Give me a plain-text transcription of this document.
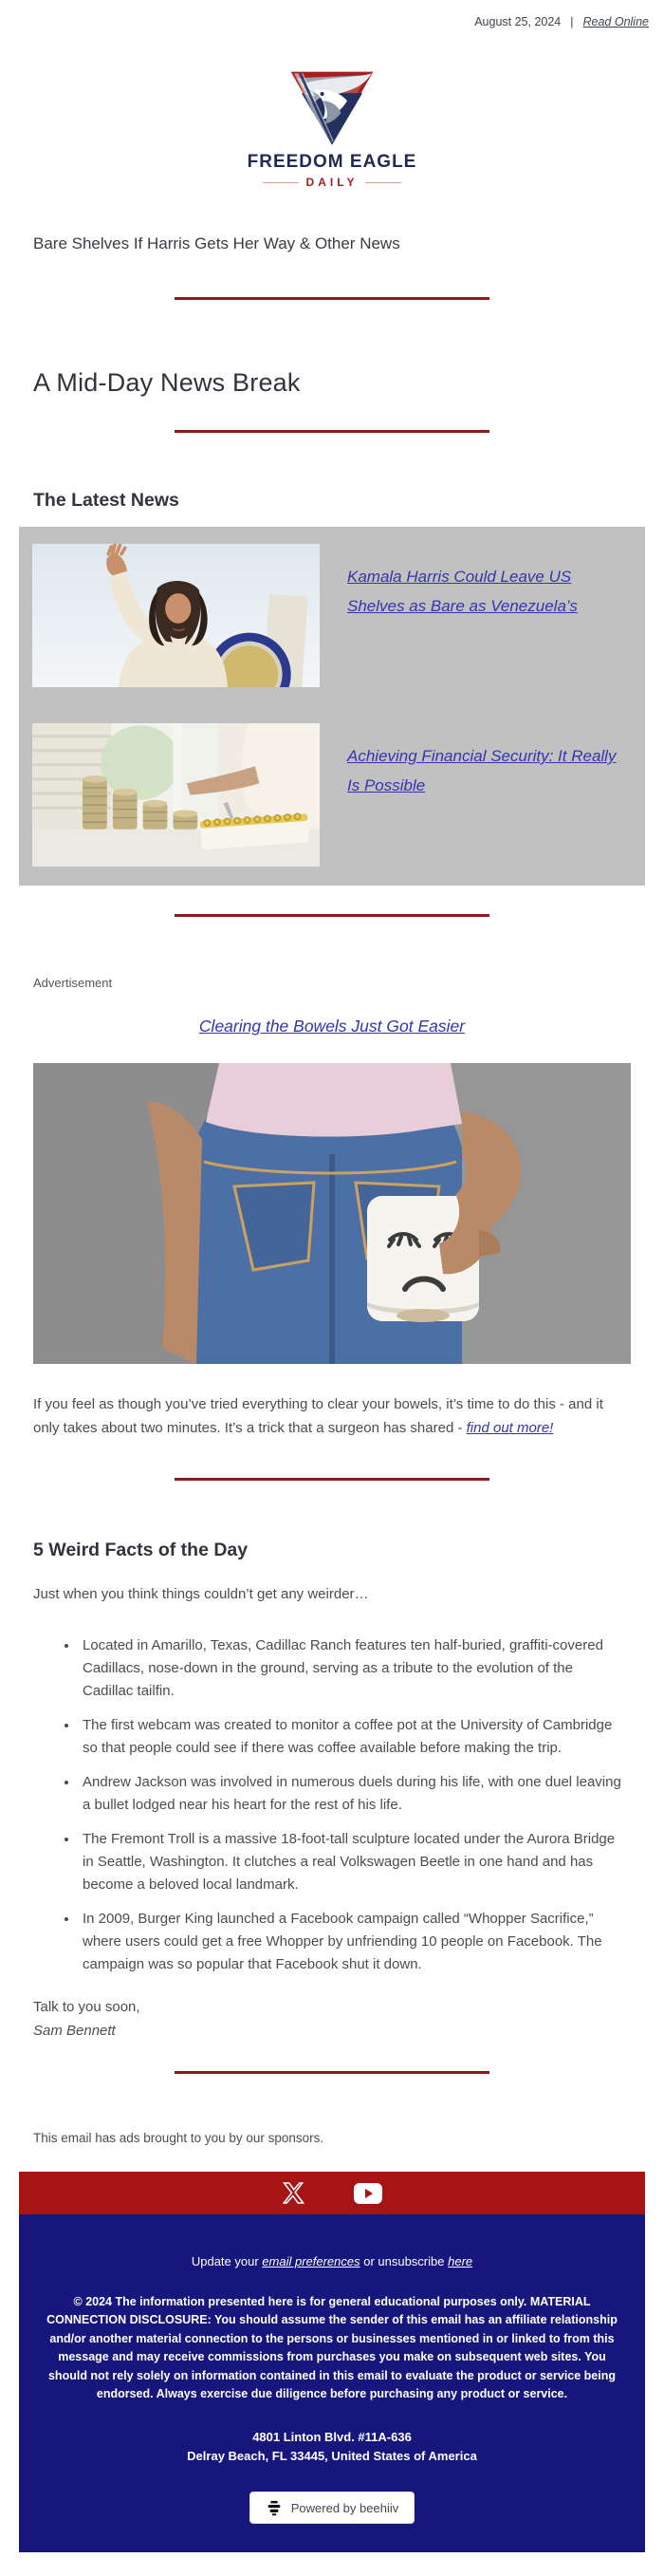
August 25, 2024 | Read Online
FREEDOM EAGLE
DAILY
Bare Shelves If Harris Gets Her Way & Other News
A Mid-Day News Break
The Latest News
Kamala Harris Could Leave US Shelves as Bare as Venezuela’s
Achieving Financial Security: It Really Is Possible
Advertisement
Clearing the Bowels Just Got Easier

If you feel as though you’ve tried everything to clear your bowels, it’s time to do this - and it only takes about two minutes. It’s a trick that a surgeon has shared - find out more!

5 Weird Facts of the Day

Just when you think things couldn’t get any weirder…

• Located in Amarillo, Texas, Cadillac Ranch features ten half-buried, graffiti-covered Cadillacs, nose-down in the ground, serving as a tribute to the evolution of the Cadillac tailfin.
• The first webcam was created to monitor a coffee pot at the University of Cambridge so that people could see if there was coffee available before making the trip.
• Andrew Jackson was involved in numerous duels during his life, with one duel leaving a bullet lodged near his heart for the rest of his life.
• The Fremont Troll is a massive 18-foot-tall sculpture located under the Aurora Bridge in Seattle, Washington. It clutches a real Volkswagen Beetle in one hand and has become a beloved local landmark.
• In 2009, Burger King launched a Facebook campaign called “Whopper Sacrifice,” where users could get a free Whopper by unfriending 10 people on Facebook. The campaign was so popular that Facebook shut it down.

Talk to you soon,
Sam Bennett

This email has ads brought to you by our sponsors.

Update your email preferences or unsubscribe here

© 2024 The information presented here is for general educational purposes only. MATERIAL CONNECTION DISCLOSURE: You should assume the sender of this email has an affiliate relationship and/or another material connection to the persons or businesses mentioned in or linked to from this message and may receive commissions from purchases you make on subsequent web sites. You should not rely solely on information contained in this email to evaluate the product or service being endorsed. Always exercise due diligence before purchasing any product or service.

4801 Linton Blvd. #11A-636
Delray Beach, FL 33445, United States of America

Powered by beehiiv
